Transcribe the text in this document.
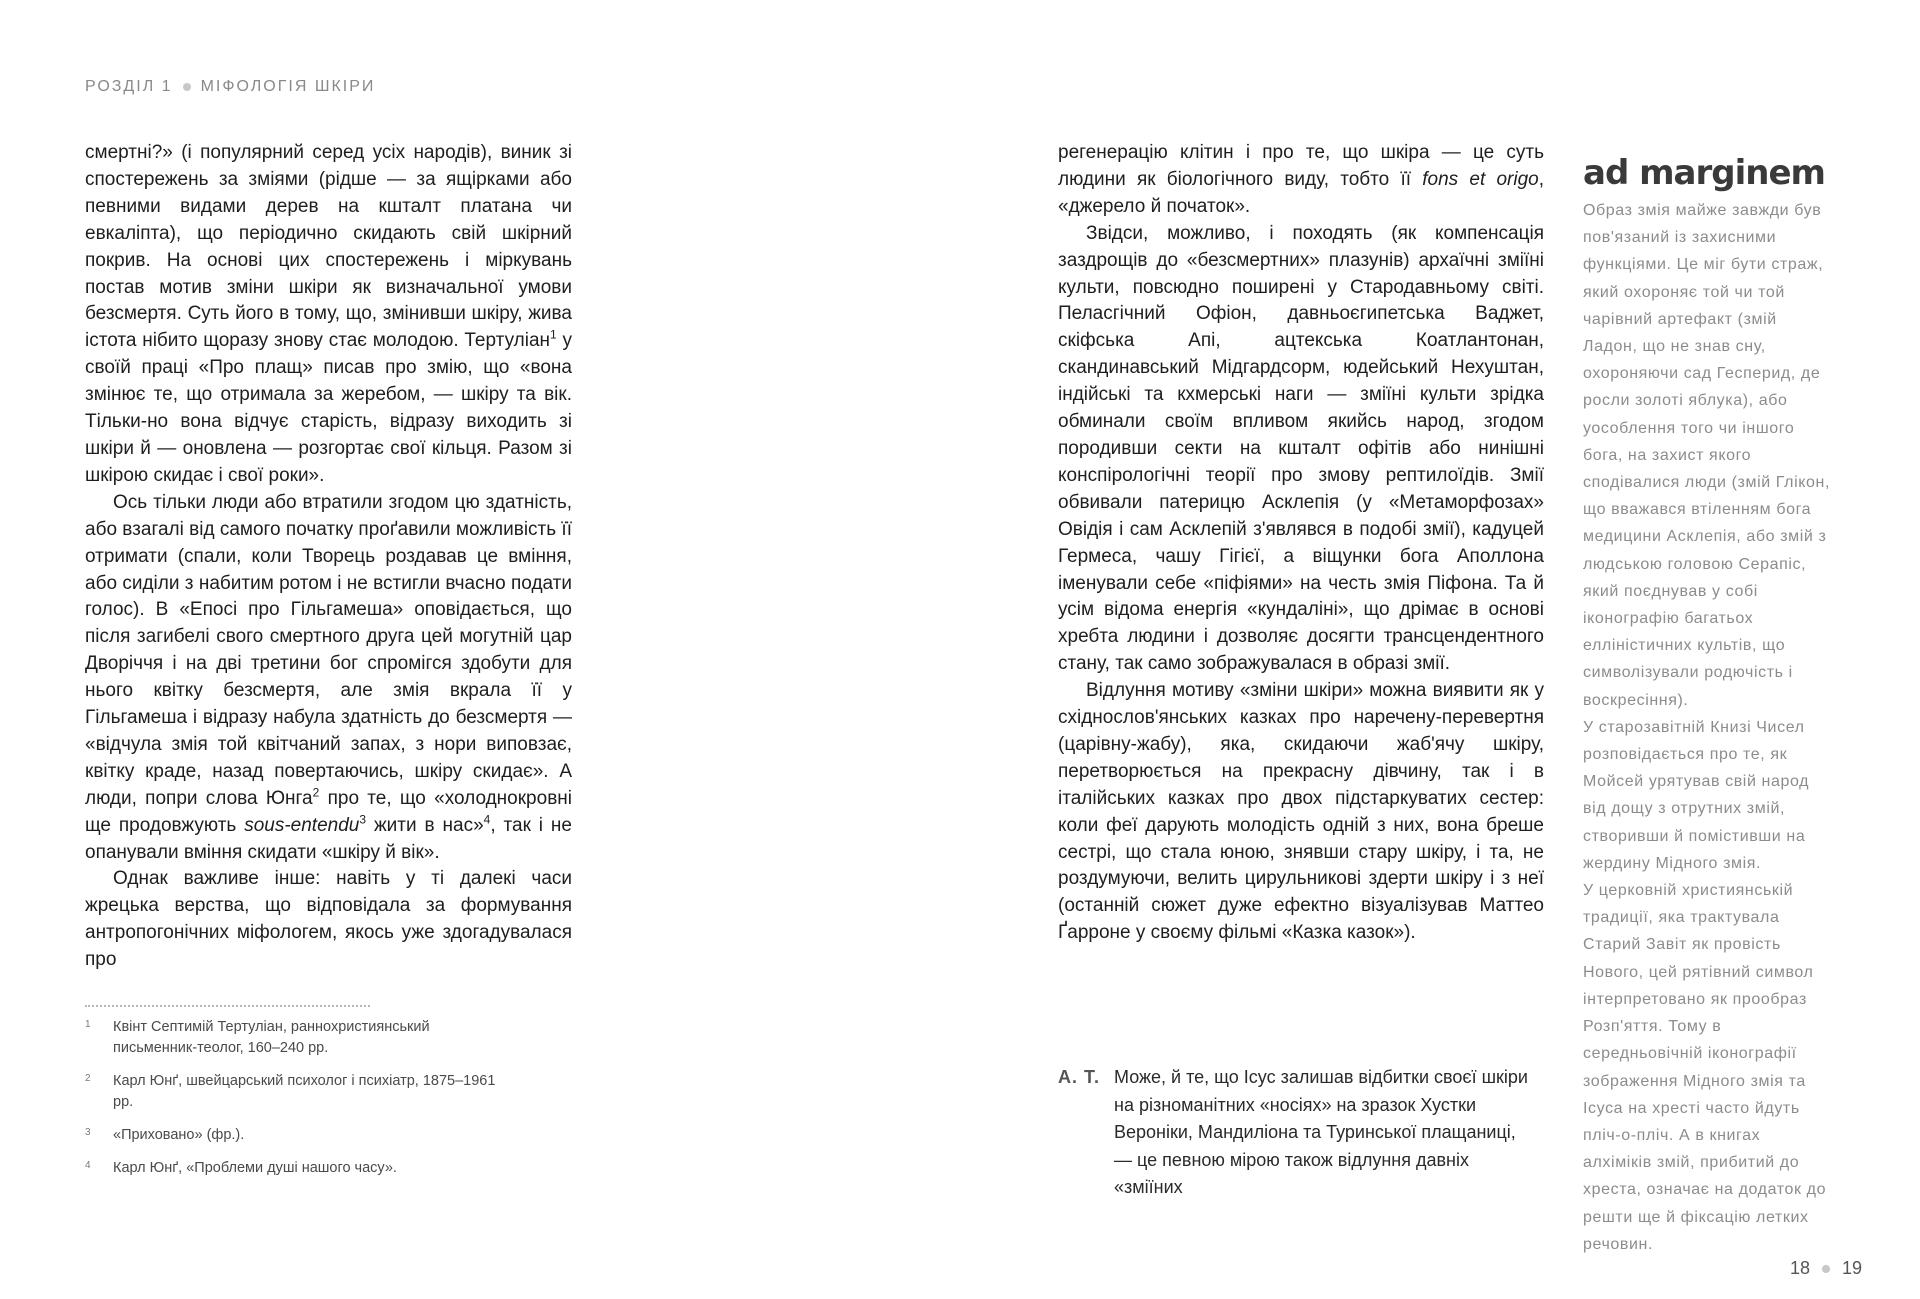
РОЗДІЛ 1 МІФОЛОГІЯ ШКІРИ

смертні?» (і популярний серед усіх народів), виник зі спостережень за зміями (рідше — за ящірками або певними видами дерев на кшталт платана чи евкаліпта), що періодично скидають свій шкірний покрив. На основі цих спостережень і міркувань постав мотив зміни шкіри як визначальної умови безсмертя. Суть його в тому, що, змінивши шкіру, жива істота нібито щоразу знову стає молодою. Тертуліан$^1$ у своїй праці «Про плащ» писав про змію, що «вона змінює те, що отримала за жеребом, — шкіру та вік. Тільки-но вона відчує старість, відразу виходить зі шкіри й — оновлена — розгортає свої кільця. Разом зі шкірою скидає і свої роки».

Ось тільки люди або втратили згодом цю здатність, або взагалі від самого початку проґавили можливість її отримати (спали, коли Творець роздавав це вміння, або сиділи з набитим ротом і не встигли вчасно подати голос). В «Епосі про Гільгамеша» оповідається, що після загибелі свого смертного друга цей могутній цар Дворіччя і на дві третини бог спромігся здобути для нього квітку безсмертя, але змія вкрала її у Гільгамеша і відразу набула здатність до безсмертя — «відчула змія той квітчаний запах, з нори виповзає, квітку краде, назад повертаючись, шкіру скидає». А люди, попри слова Юнга$^2$ про те, що «холоднокровні ще продовжують sous-entendu$^3$ жити в нас»$^4$, так і не опанували вміння скидати «шкіру й вік».

Однак важливе інше: навіть у ті далекі часи жрецька верства, що відповідала за формування антропогонічних міфологем, якось уже здогадувалася про

1 Квінт Септимій Тертуліан, раннохристиянський письменник-теолог, 160–240 рр.
2 Карл Юнґ, швейцарський психолог і психіатр, 1875–1961 рр.
3 «Приховано» (фр.).
4 Карл Юнґ, «Проблеми душі нашого часу».

регенерацію клітин і про те, що шкіра — це суть людини як біологічного виду, тобто її fons et origo, «джерело й початок».

Звідси, можливо, і походять (як компенсація заздрощів до «безсмертних» плазунів) архаїчні зміїні культи, повсюдно поширені у Стародавньому світі. Пеласгічний Офіон, давньоєгипетська Ваджет, скіфська Апі, ацтекська Коатлантонан, скандинавський Мідгардсорм, юдейський Нехуштан, індійські та кхмерські наги — зміїні культи зрідка обминали своїм впливом якийсь народ, згодом породивши секти на кшталт офітів або нинішні конспірологічні теорії про змову рептилоїдів. Змії обвивали патерицю Асклепія (у «Метаморфозах» Овідія і сам Асклепій з'являвся в подобі змії), кадуцей Гермеса, чашу Гігієї, а віщунки бога Аполлона іменували себе «піфіями» на честь змія Піфона. Та й усім відома енергія «кундаліні», що дрімає в основі хребта людини і дозволяє досягти трансцендентного стану, так само зображувалася в образі змії.

Відлуння мотиву «зміни шкіри» можна виявити як у східнослов'янських казках про наречену-перевертня (царівну-жабу), яка, скидаючи жаб'ячу шкіру, перетворюється на прекрасну дівчину, так і в італійських казках про двох підстаркуватих сестер: коли феї дарують молодість одній з них, вона бреше сестрі, що стала юною, знявши стару шкіру, і та, не роздумуючи, велить цирульникові здерти шкіру і з неї (останній сюжет дуже ефектно візуалізував Маттео Ґарроне у своєму фільмі «Казка казок»).

А. Т. Може, й те, що Ісус залишав відбитки своєї шкіри на різноманітних «носіях» на зразок Хустки Вероніки, Мандиліона та Туринської плащаниці, — це певною мірою також відлуння давніх «зміїних
ad marginem

Образ змія майже завжди був пов'язаний із захисними функціями. Це міг бути страж, який охороняє той чи той чарівний артефакт (змій Ладон, що не знав сну, охороняючи сад Гесперид, де росли золоті яблука), або уособлення того чи іншого бога, на захист якого сподівалися люди (змій Глікон, що вважався втіленням бога медицини Асклепія, або змій з людською головою Серапіс, який поєднував у собі іконографію багатьох елліністичних культів, що символізували родючість і воскресіння).

У старозавітній Книзі Чисел розповідається про те, як Мойсей урятував свій народ від дощу з отрутних змій, створивши й помістивши на жердину Мідного змія.

У церковній християнській традиції, яка трактувала Старий Завіт як провість Нового, цей рятівний символ інтерпретовано як прообраз Розп'яття. Тому в середньовічній іконографії зображення Мідного змія та Ісуса на хресті часто йдуть пліч-о-пліч. А в книгах алхіміків змій, прибитий до хреста, означає на додаток до решти ще й фіксацію летких речовин.

18 19
